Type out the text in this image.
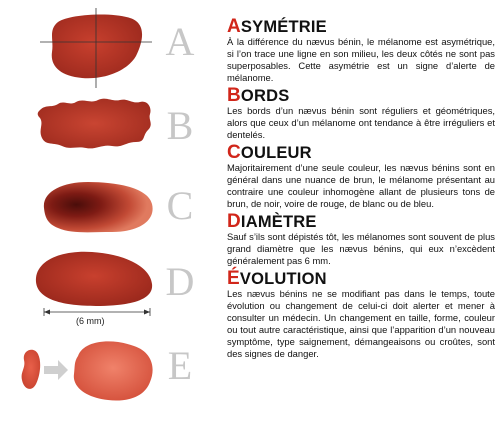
A
B
C
D
E
(6 mm)
ASYMÉTRIE

À la différence du nævus bénin, le mélanome est asymétrique, si l’on trace une ligne en son milieu, les deux côtés ne sont pas superposables. Cette asymétrie est un signe d’alerte de mélanome.

BORDS

Les bords d’un nævus bénin sont réguliers et géométriques, alors que ceux d’un mélanome ont tendance à être irréguliers et dentelés.

COULEUR

Majoritairement d’une seule couleur, les nævus bénins sont en général dans une nuance de brun, le mélanome présentant au contraire une couleur inhomogène allant de plusieurs tons de brun, de noir, voire de rouge, de blanc ou de bleu.

DIAMÈTRE

Sauf s’ils sont dépistés tôt, les mélanomes sont souvent de plus grand diamètre que les nævus bénins, qui eux n’excèdent généralement pas 6 mm.

ÉVOLUTION

Les nævus bénins ne se modifiant pas dans le temps, toute évolution ou changement de celui-ci doit alerter et mener à consulter un médecin. Un changement en taille, forme, couleur ou tout autre caractéristique, ainsi que l’apparition d’un nouveau symptôme, type saignement, démangeaisons ou croûtes, sont des signes de danger.
